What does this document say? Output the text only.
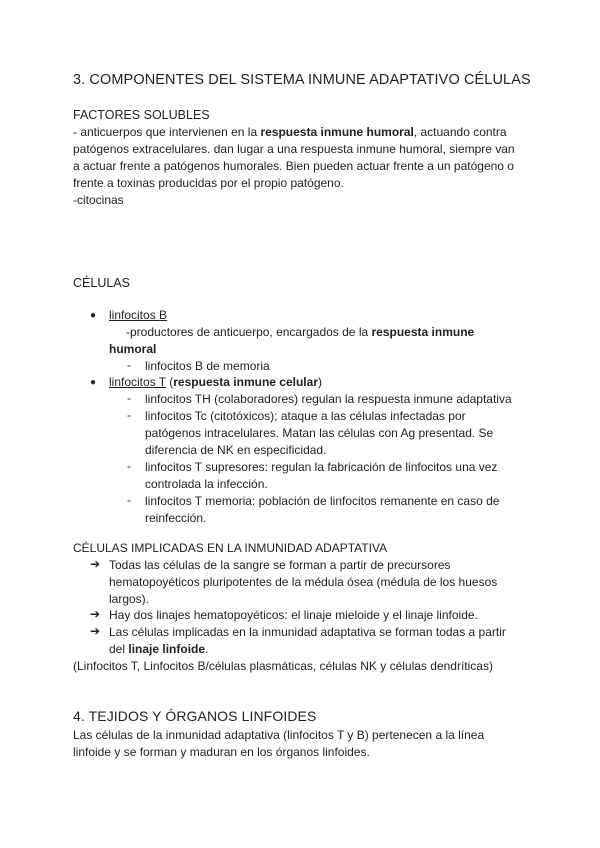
3. COMPONENTES DEL SISTEMA INMUNE ADAPTATIVO CÉLULAS
FACTORES SOLUBLES

- anticuerpos que intervienen en la respuesta inmune humoral, actuando contra

patógenos extracelulares. dan lugar a una respuesta inmune humoral, siempre van

a actuar frente a patógenos humorales. Bien pueden actuar frente a un patógeno o

frente a toxinas producidas por el propio patógeno.

-citocinas

CÉLULAS
● linfocitos B
-productores de anticuerpo, encargados de la respuesta inmune
humoral
- linfocitos B de memoria
● linfocitos T (respuesta inmune celular)
- linfocitos TH (colaboradores) regulan la respuesta inmune adaptativa
- linfocitos Tc (citotóxicos); ataque a las células infectadas por
patógenos intracelulares. Matan las células con Ag presentad. Se
diferencia de NK en especificidad.
- linfocitos T supresores: regulan la fabricación de linfocitos una vez
controlada la infección.
- linfocitos T memoria: población de linfocitos remanente en caso de
reinfección.
CÉLULAS IMPLICADAS EN LA INMUNIDAD ADAPTATIVA
➔ Todas las células de la sangre se forman a partir de precursores
hematopoyéticos pluripotentes de la médula ósea (médula de los huesos
largos).
➔ Hay dos linajes hematopoyéticos: el linaje mieloide y el linaje linfoide.
➔ Las células implicadas en la inmunidad adaptativa se forman todas a partir
del linaje linfoide.
(Linfocitos T, Linfocitos B/células plasmáticas, células NK y células dendríticas)
4. TEJIDOS Y ÓRGANOS LINFOIDES
Las células de la inmunidad adaptativa (linfocitos T y B) pertenecen a la línea
linfoide y se forman y maduran en los órganos linfoides.
